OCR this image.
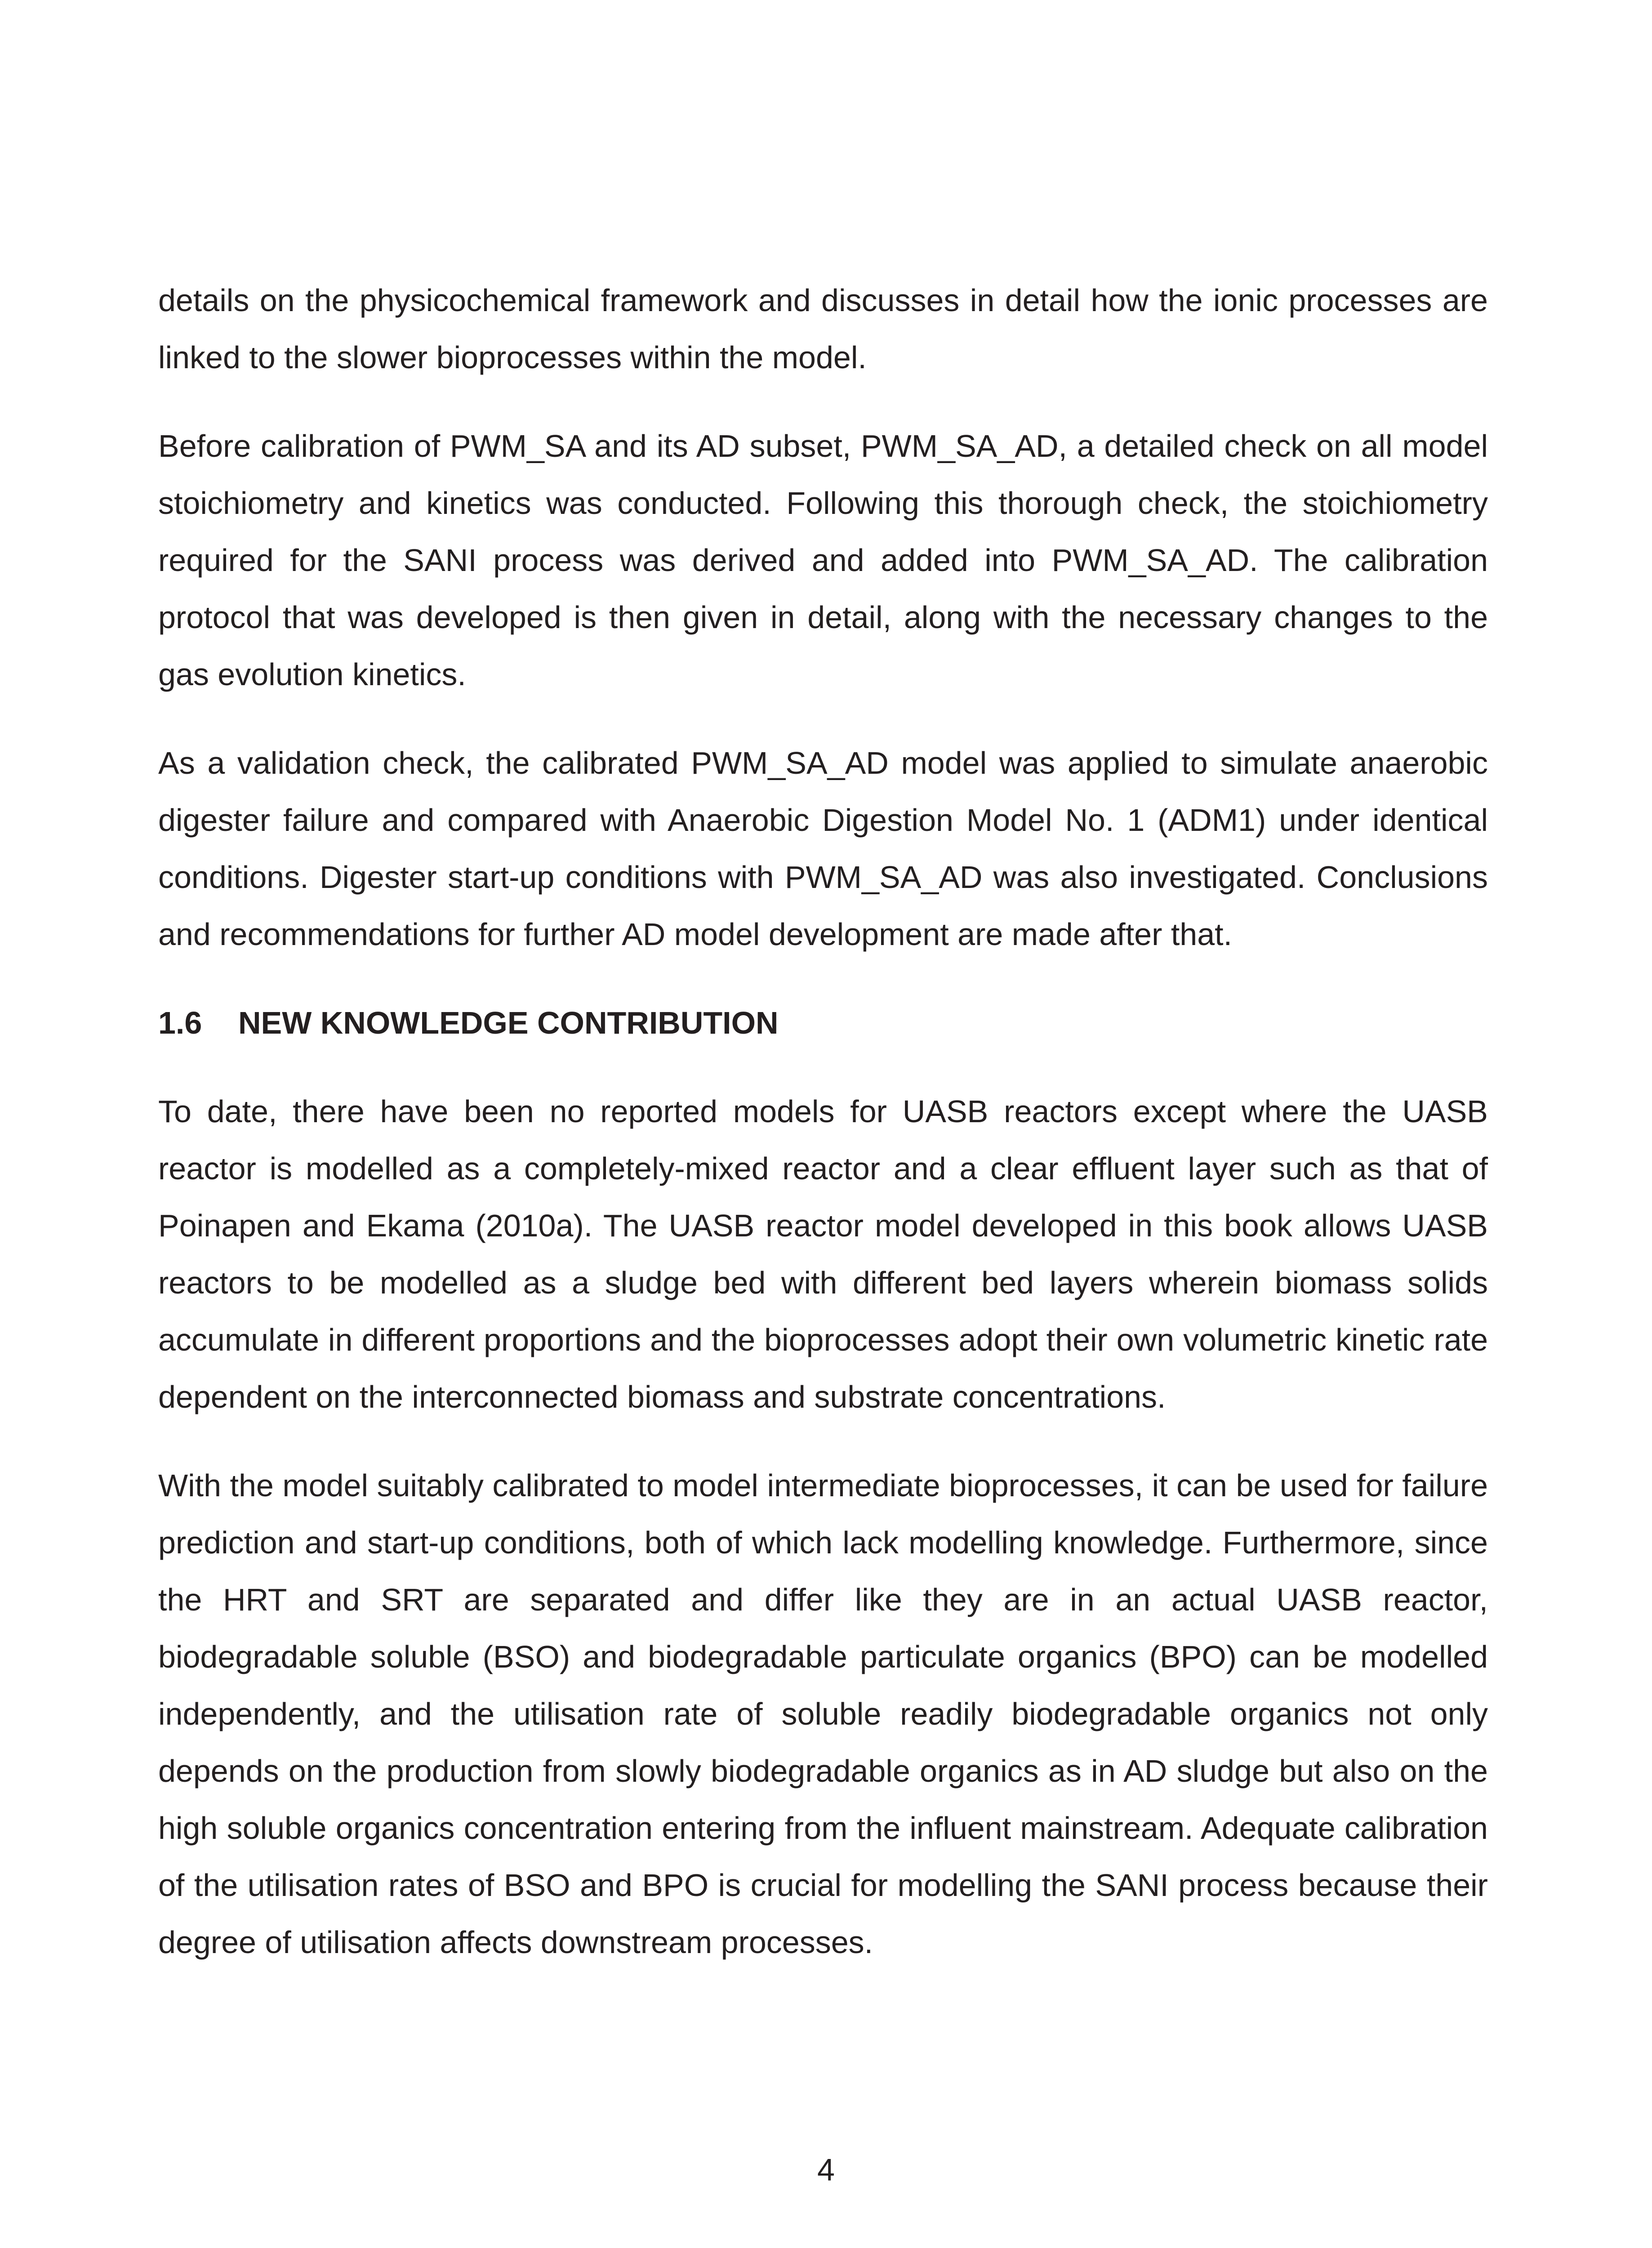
details on the physicochemical framework and discusses in detail how the ionic processes are linked to the slower bioprocesses within the model.

Before calibration of PWM_SA and its AD subset, PWM_SA_AD, a detailed check on all model stoichiometry and kinetics was conducted. Following this thorough check, the stoichiometry required for the SANI process was derived and added into PWM_SA_AD. The calibration protocol that was developed is then given in detail, along with the necessary changes to the gas evolution kinetics.

As a validation check, the calibrated PWM_SA_AD model was applied to simulate anaerobic digester failure and compared with Anaerobic Digestion Model No. 1 (ADM1) under identical conditions. Digester start-up conditions with PWM_SA_AD was also investigated. Conclusions and recommendations for further AD model development are made after that.

1.6 NEW KNOWLEDGE CONTRIBUTION

To date, there have been no reported models for UASB reactors except where the UASB reactor is modelled as a completely-mixed reactor and a clear effluent layer such as that of Poinapen and Ekama (2010a). The UASB reactor model developed in this book allows UASB reactors to be modelled as a sludge bed with different bed layers wherein biomass solids accumulate in different proportions and the bioprocesses adopt their own volumetric kinetic rate dependent on the interconnected biomass and substrate concentrations.

With the model suitably calibrated to model intermediate bioprocesses, it can be used for failure prediction and start-up conditions, both of which lack modelling knowledge. Furthermore, since the HRT and SRT are separated and differ like they are in an actual UASB reactor, biodegradable soluble (BSO) and biodegradable particulate organics (BPO) can be modelled independently, and the utilisation rate of soluble readily biodegradable organics not only depends on the production from slowly biodegradable organics as in AD sludge but also on the high soluble organics concentration entering from the influent mainstream. Adequate calibration of the utilisation rates of BSO and BPO is crucial for modelling the SANI process because their degree of utilisation affects downstream processes.

4
